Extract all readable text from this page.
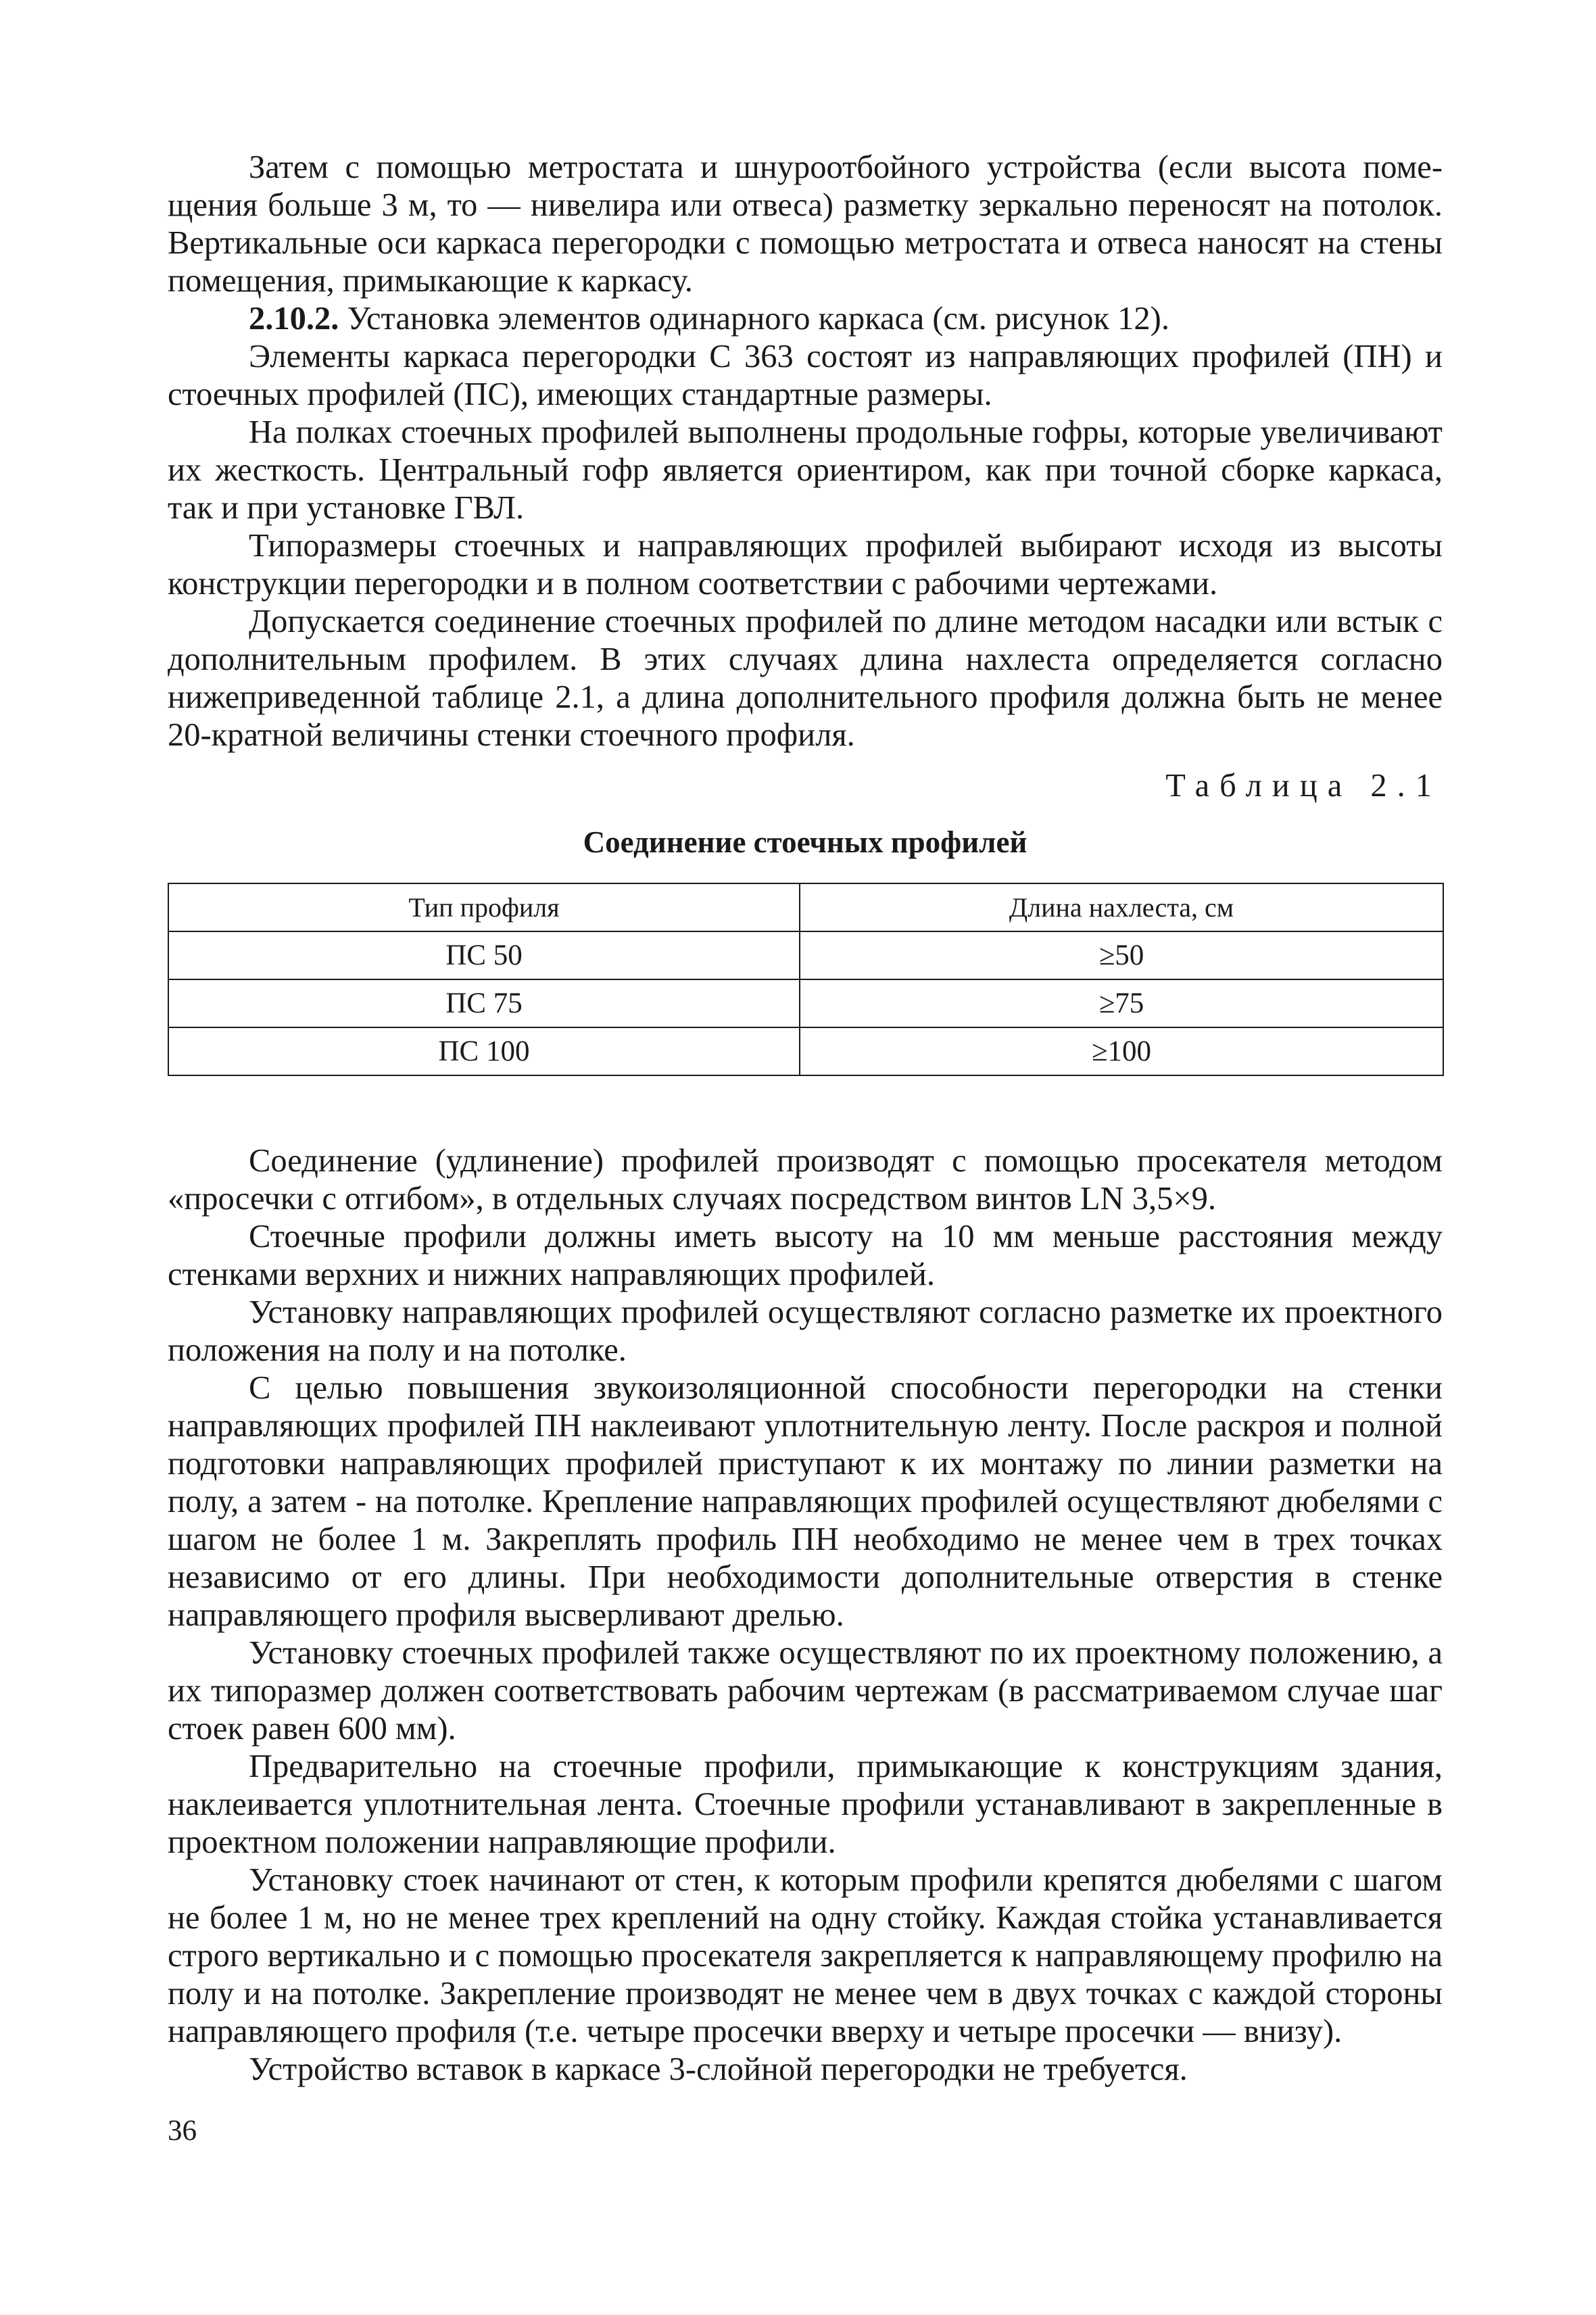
Затем с помощью метростата и шнуроотбойного устройства (если высота помещения больше 3 м, то — нивелира или отвеса) разметку зеркально переносят на потолок. Вертикальные оси каркаса перегородки с помощью метростата и отвеса наносят на стены помещения, примыкающие к каркасу.

2.10.2. Установка элементов одинарного каркаса (см. рисунок 12).

Элементы каркаса перегородки С 363 состоят из направляющих профилей (ПН) и стоечных профилей (ПС), имеющих стандартные размеры.

На полках стоечных профилей выполнены продольные гофры, которые увеличивают их жесткость. Центральный гофр является ориентиром, как при точной сборке каркаса, так и при установке ГВЛ.

Типоразмеры стоечных и направляющих профилей выбирают исходя из высоты конструкции перегородки и в полном соответствии с рабочими чертежами.

Допускается соединение стоечных профилей по длине методом насадки или встык с дополнительным профилем. В этих случаях длина нахлеста определяется согласно нижеприведенной таблице 2.1, а длина дополнительного профиля должна быть не менее 20-кратной величины стенки стоечного профиля.

Таблица 2.1
Соединение стоечных профилей
Тип профиля	Длина нахлеста, см
ПС 50	≥50
ПС 75	≥75
ПС 100	≥100

Соединение (удлинение) профилей производят с помощью просекателя методом «просечки с отгибом», в отдельных случаях посредством винтов LN 3,5×9.

Стоечные профили должны иметь высоту на 10 мм меньше расстояния между стенками верхних и нижних направляющих профилей.

Установку направляющих профилей осуществляют согласно разметке их проектного положения на полу и на потолке.

С целью повышения звукоизоляционной способности перегородки на стенки направляющих профилей ПН наклеивают уплотнительную ленту. После раскроя и полной подготовки направляющих профилей приступают к их монтажу по линии разметки на полу, а затем - на потолке. Крепление направляющих профилей осуществляют дюбелями с шагом не более 1 м. Закреплять профиль ПН необходимо не менее чем в трех точках независимо от его длины. При необходимости дополнительные отверстия в стенке направляющего профиля высверливают дрелью.

Установку стоечных профилей также осуществляют по их проектному положению, а их типоразмер должен соответствовать рабочим чертежам (в рассматриваемом случае шаг стоек равен 600 мм).

Предварительно на стоечные профили, примыкающие к конструкциям здания, наклеивается уплотнительная лента. Стоечные профили устанавливают в закрепленные в проектном положении направляющие профили.

Установку стоек начинают от стен, к которым профили крепятся дюбелями с шагом не более 1 м, но не менее трех креплений на одну стойку. Каждая стойка устанавливается строго вертикально и с помощью просекателя закрепляется к направляющему профилю на полу и на потолке. Закрепление производят не менее чем в двух точках с каждой стороны направляющего профиля (т.е. четыре просечки вверху и четыре просечки — внизу).

Устройство вставок в каркасе 3-слойной перегородки не требуется.

36
